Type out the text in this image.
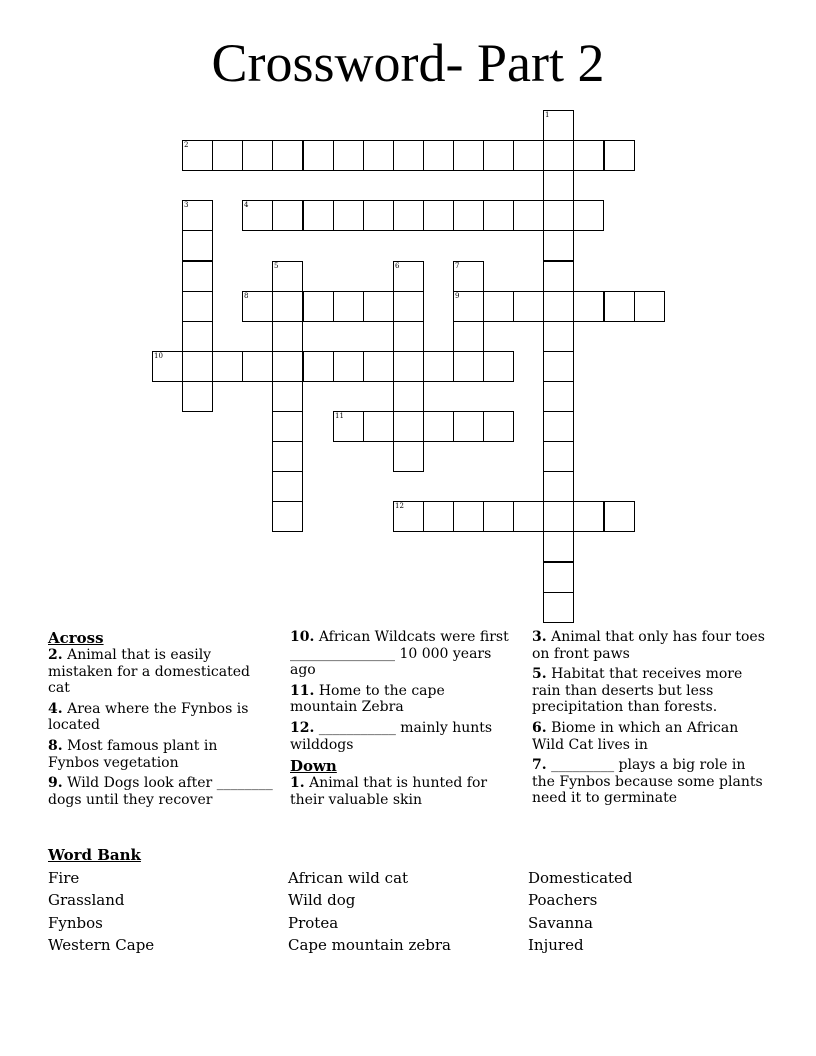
Crossword- Part 2
1
2
3	4
5	6	7
9
8
10
11
12
Across
2. Animal that is easily mistaken for a domesticated cat
4. Area where the Fynbos is located
8. Most famous plant in Fynbos vegetation
9. Wild Dogs look after ________ dogs until they recover
10. African Wildcats were first _______________ 10 000 years ago
11. Home to the cape mountain Zebra
12. ___________ mainly hunts wilddogs
Down
1. Animal that is hunted for their valuable skin
3. Animal that only has four toes on front paws
5. Habitat that receives more rain than deserts but less precipitation than forests.
6. Biome in which an African Wild Cat lives in
7. _________ plays a big role in the Fynbos because some plants need it to germinate
Word Bank
Fire
Grassland
Fynbos
Western Cape
African wild cat
Wild dog
Protea
Cape mountain zebra
Domesticated
Poachers
Savanna
Injured
